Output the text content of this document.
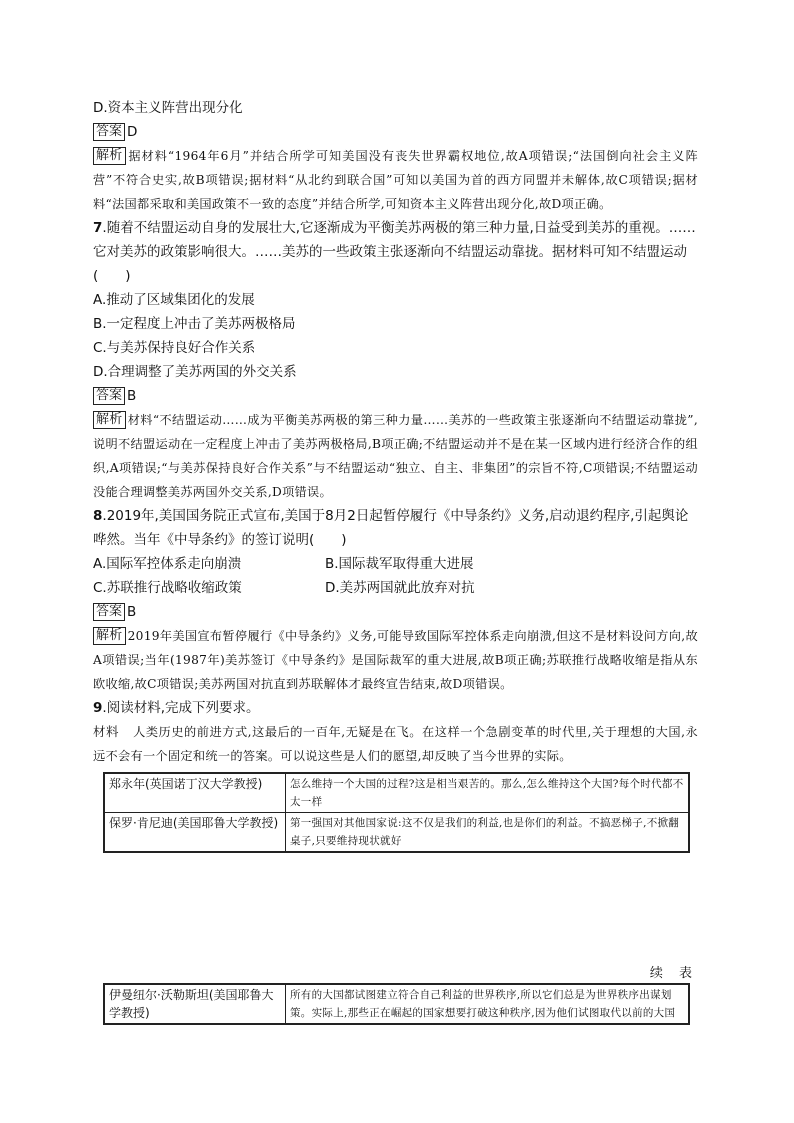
D.资本主义阵营出现分化
答案 D
解析 据材料“1964年6月”并结合所学可知美国没有丧失世界霸权地位,故A项错误;“法国倒向社会主义阵营”不符合史实,故B项错误;据材料“从北约到联合国”可知以美国为首的西方同盟并未解体,故C项错误;据材料“法国都采取和美国政策不一致的态度”并结合所学,可知资本主义阵营出现分化,故D项正确。
7.随着不结盟运动自身的发展壮大,它逐渐成为平衡美苏两极的第三种力量,日益受到美苏的重视。……它对美苏的政策影响很大。……美苏的一些政策主张逐渐向不结盟运动靠拢。据材料可知不结盟运动(　　)
A.推动了区域集团化的发展
B.一定程度上冲击了美苏两极格局
C.与美苏保持良好合作关系
D.合理调整了美苏两国的外交关系
答案 B
解析 材料“不结盟运动……成为平衡美苏两极的第三种力量……美苏的一些政策主张逐渐向不结盟运动靠拢”,说明不结盟运动在一定程度上冲击了美苏两极格局,B项正确;不结盟运动并不是在某一区域内进行经济合作的组织,A项错误;“与美苏保持良好合作关系”与不结盟运动“独立、自主、非集团”的宗旨不符,C项错误;不结盟运动没能合理调整美苏两国外交关系,D项错误。
8.2019年,美国国务院正式宣布,美国于8月2日起暂停履行《中导条约》义务,启动退约程序,引起舆论哗然。当年《中导条约》的签订说明(　　)
A.国际军控体系走向崩溃	B.国际裁军取得重大进展
C.苏联推行战略收缩政策	D.美苏两国就此放弃对抗
答案 B
解析 2019年美国宣布暂停履行《中导条约》义务,可能导致国际军控体系走向崩溃,但这不是材料设问方向,故A项错误;当年(1987年)美苏签订《中导条约》是国际裁军的重大进展,故B项正确;苏联推行战略收缩是指从东欧收缩,故C项错误;美苏两国对抗直到苏联解体才最终宣告结束,故D项错误。
9.阅读材料,完成下列要求。
材料 人类历史的前进方式,这最后的一百年,无疑是在飞。在这样一个急剧变革的时代里,关于理想的大国,永远不会有一个固定和统一的答案。可以说这些是人们的愿望,却反映了当今世界的实际。
郑永年(英国诺丁汉大学教授)	怎么维持一个大国的过程?这是相当艰苦的。那么,怎么维持这个大国?每个时代都不太一样
保罗·肯尼迪(美国耶鲁大学教授)	第一强国对其他国家说:这不仅是我们的利益,也是你们的利益。不搞恶梯子,不掀翻桌子,只要维持现状就好
续 表
伊曼纽尔·沃勒斯坦(美国耶鲁大学教授)	所有的大国都试图建立符合自己利益的世界秩序,所以它们总是为世界秩序出谋划策。实际上,那些正在崛起的国家想要打破这种秩序,因为他们试图取代以前的大国
